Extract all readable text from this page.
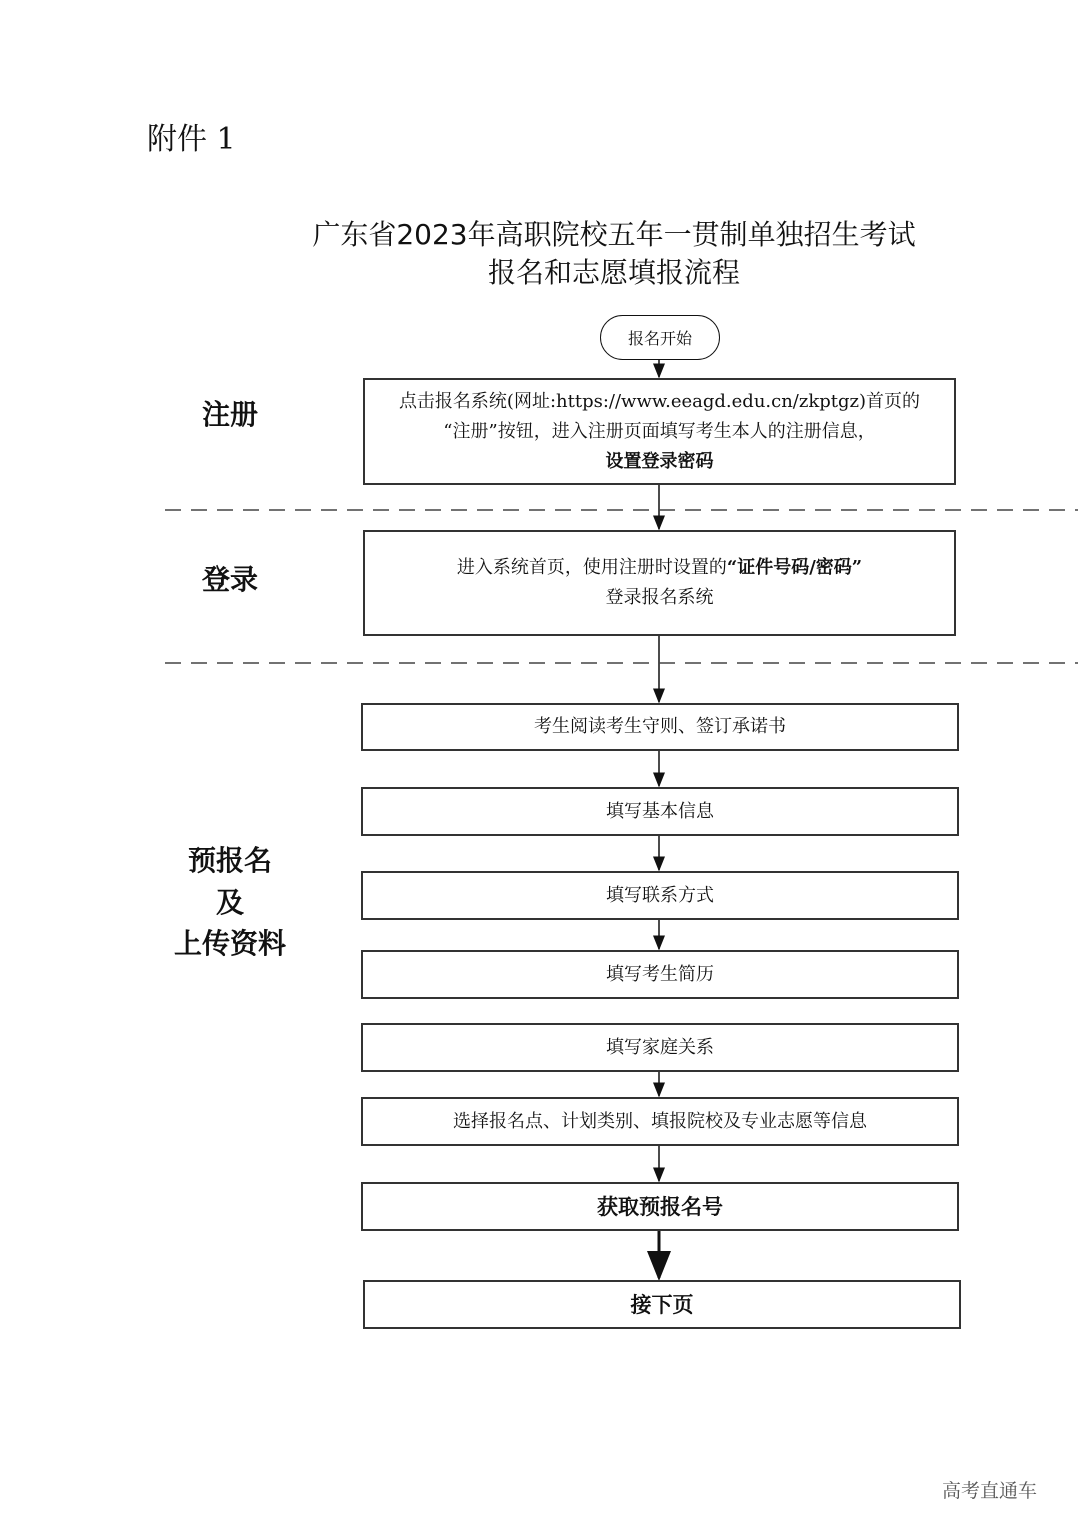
附件 1
广东省2023年高职院校五年一贯制单独招生考试
报名和志愿填报流程
报名开始
注册
登录
预报名
及
上传资料
点击报名系统(网址:https://www.eeagd.edu.cn/zkptgz)首页的
“注册”按钮，进入注册页面填写考生本人的注册信息，
设置登录密码
进入系统首页，使用注册时设置的“证件号码/密码”
登录报名系统
考生阅读考生守则、签订承诺书
填写基本信息
填写联系方式
填写考生简历
填写家庭关系
选择报名点、计划类别、填报院校及专业志愿等信息
获取预报名号
接下页
高考直通车
